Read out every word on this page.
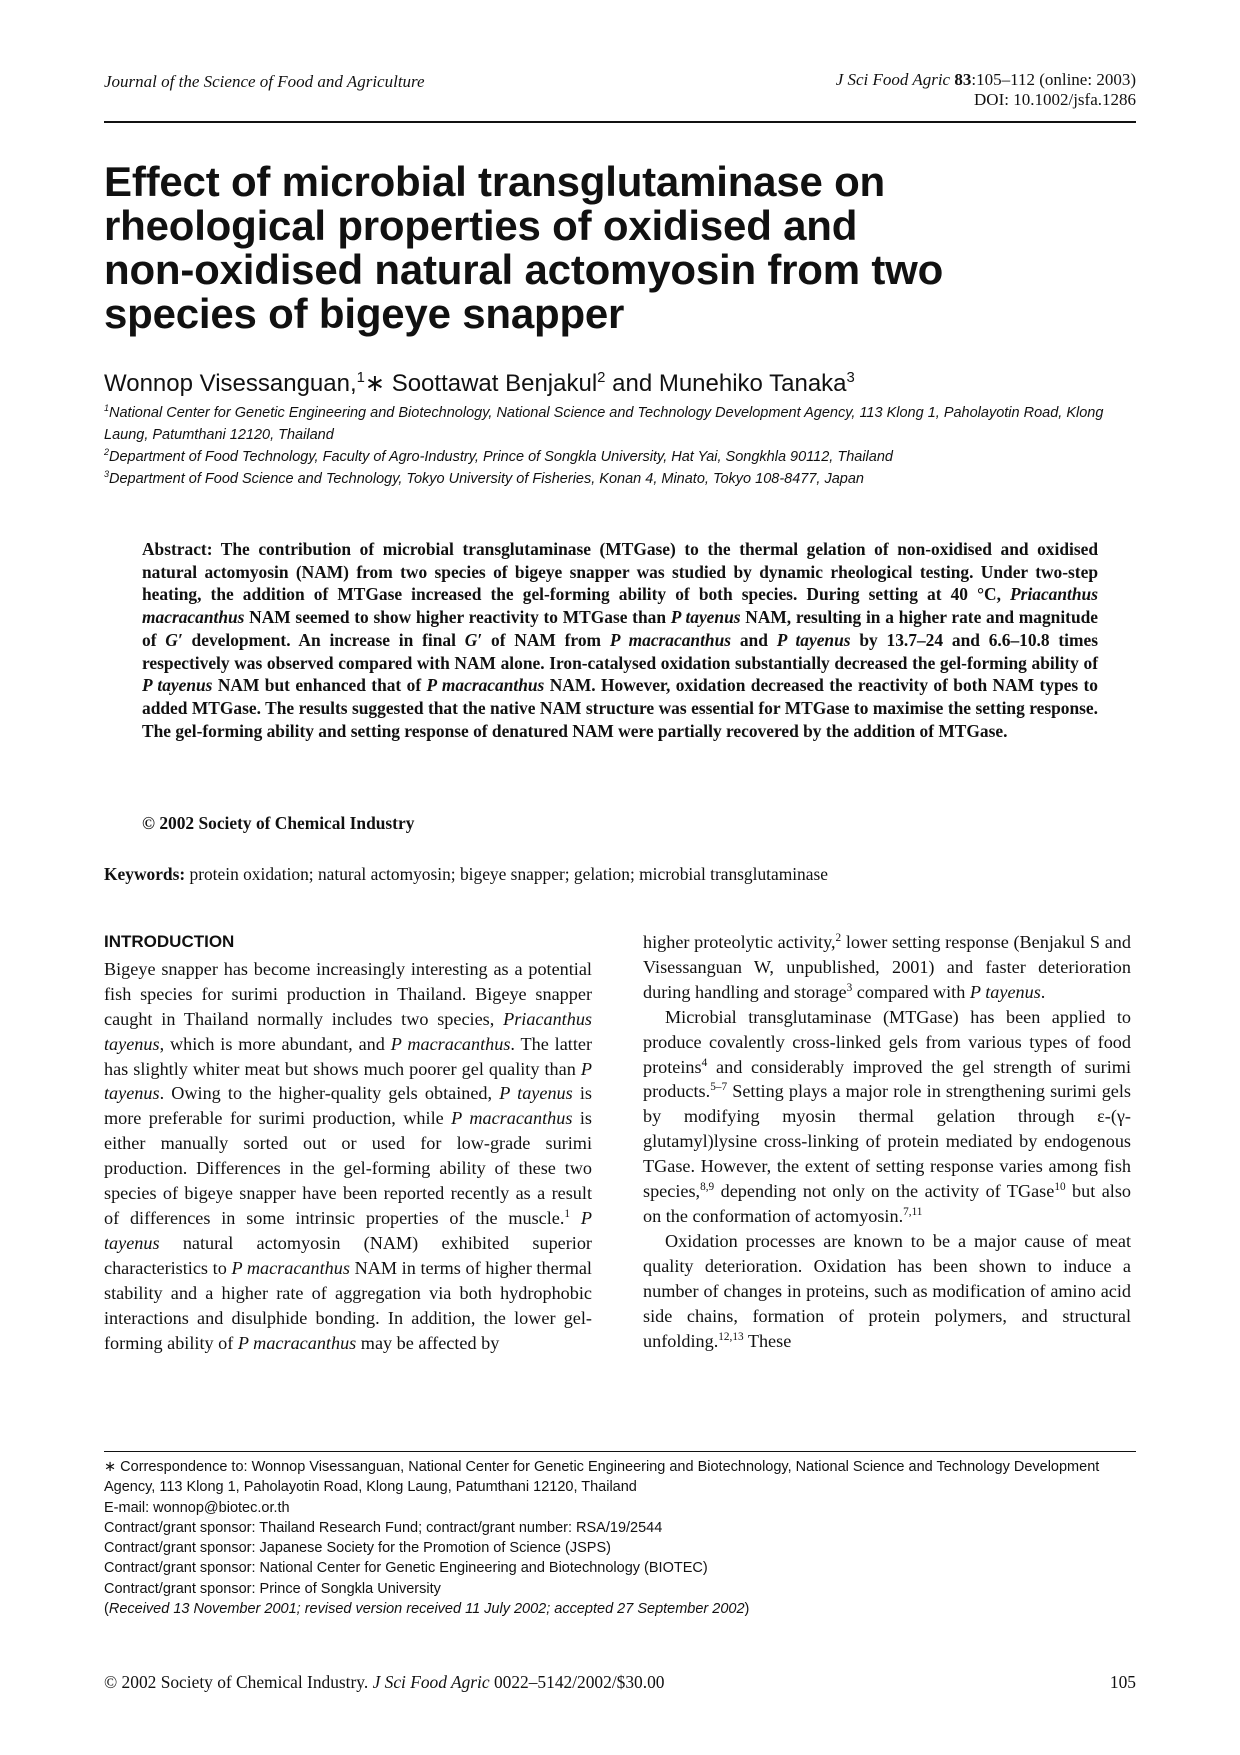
Journal of the Science of Food and Agriculture	J Sci Food Agric 83:105–112 (online: 2003)
DOI: 10.1002/jsfa.1286
Effect of microbial transglutaminase on
rheological properties of oxidised and
non-oxidised natural actomyosin from two
species of bigeye snapper
Wonnop Visessanguan,$^1$∗ Soottawat Benjakul$^2$ and Munehiko Tanaka$^3$

$^1$National Center for Genetic Engineering and Biotechnology, National Science and Technology Development Agency, 113 Klong 1, Paholayotin Road, Klong Laung, Patumthani 12120, Thailand

$^2$Department of Food Technology, Faculty of Agro-Industry, Prince of Songkla University, Hat Yai, Songkhla 90112, Thailand

$^3$Department of Food Science and Technology, Tokyo University of Fisheries, Konan 4, Minato, Tokyo 108-8477, Japan

Abstract: The contribution of microbial transglutaminase (MTGase) to the thermal gelation of non-oxidised and oxidised natural actomyosin (NAM) from two species of bigeye snapper was studied by dynamic rheological testing. Under two-step heating, the addition of MTGase increased the gel-forming ability of both species. During setting at 40 °C, Priacanthus macracanthus NAM seemed to show higher reactivity to MTGase than P tayenus NAM, resulting in a higher rate and magnitude of G′ development. An increase in final G′ of NAM from P macracanthus and P tayenus by 13.7–24 and 6.6–10.8 times respectively was observed compared with NAM alone. Iron-catalysed oxidation substantially decreased the gel-forming ability of P tayenus NAM but enhanced that of P macracanthus NAM. However, oxidation decreased the reactivity of both NAM types to added MTGase. The results suggested that the native NAM structure was essential for MTGase to maximise the setting response. The gel-forming ability and setting response of denatured NAM were partially recovered by the addition of MTGase.

© 2002 Society of Chemical Industry
Keywords: protein oxidation; natural actomyosin; bigeye snapper; gelation; microbial transglutaminase
INTRODUCTION

Bigeye snapper has become increasingly interesting as a potential fish species for surimi production in Thailand. Bigeye snapper caught in Thailand normally includes two species, Priacanthus tayenus, which is more abundant, and P macracanthus. The latter has slightly whiter meat but shows much poorer gel quality than P tayenus. Owing to the higher-quality gels obtained, P tayenus is more preferable for surimi production, while P macracanthus is either manually sorted out or used for low-grade surimi production. Differences in the gel-forming ability of these two species of bigeye snapper have been reported recently as a result of differences in some intrinsic properties of the muscle.$^1$ P tayenus natural actomyosin (NAM) exhibited superior characteristics to P macracanthus NAM in terms of higher thermal stability and a higher rate of aggregation via both hydrophobic interactions and disulphide bonding. In addition, the lower gel-forming ability of P macracanthus may be affected by

higher proteolytic activity,$^2$ lower setting response (Benjakul S and Visessanguan W, unpublished, 2001) and faster deterioration during handling and storage$^3$ compared with P tayenus.

Microbial transglutaminase (MTGase) has been applied to produce covalently cross-linked gels from various types of food proteins$^4$ and considerably improved the gel strength of surimi products.$^{5-7}$ Setting plays a major role in strengthening surimi gels by modifying myosin thermal gelation through ε-(γ-glutamyl)lysine cross-linking of protein mediated by endogenous TGase. However, the extent of setting response varies among fish species,$^{8,9}$ depending not only on the activity of TGase$^{10}$ but also on the conformation of actomyosin.$^{7,11}$

Oxidation processes are known to be a major cause of meat quality deterioration. Oxidation has been shown to induce a number of changes in proteins, such as modification of amino acid side chains, formation of protein polymers, and structural unfolding.$^{12,13}$ These

∗ Correspondence to: Wonnop Visessanguan, National Center for Genetic Engineering and Biotechnology, National Science and Technology Development Agency, 113 Klong 1, Paholayotin Road, Klong Laung, Patumthani 12120, Thailand

E-mail: wonnop@biotec.or.th

Contract/grant sponsor: Thailand Research Fund; contract/grant number: RSA/19/2544

Contract/grant sponsor: Japanese Society for the Promotion of Science (JSPS)

Contract/grant sponsor: National Center for Genetic Engineering and Biotechnology (BIOTEC)

Contract/grant sponsor: Prince of Songkla University

(Received 13 November 2001; revised version received 11 July 2002; accepted 27 September 2002)

© 2002 Society of Chemical Industry. J Sci Food Agric 0022–5142/2002/$30.00	105
